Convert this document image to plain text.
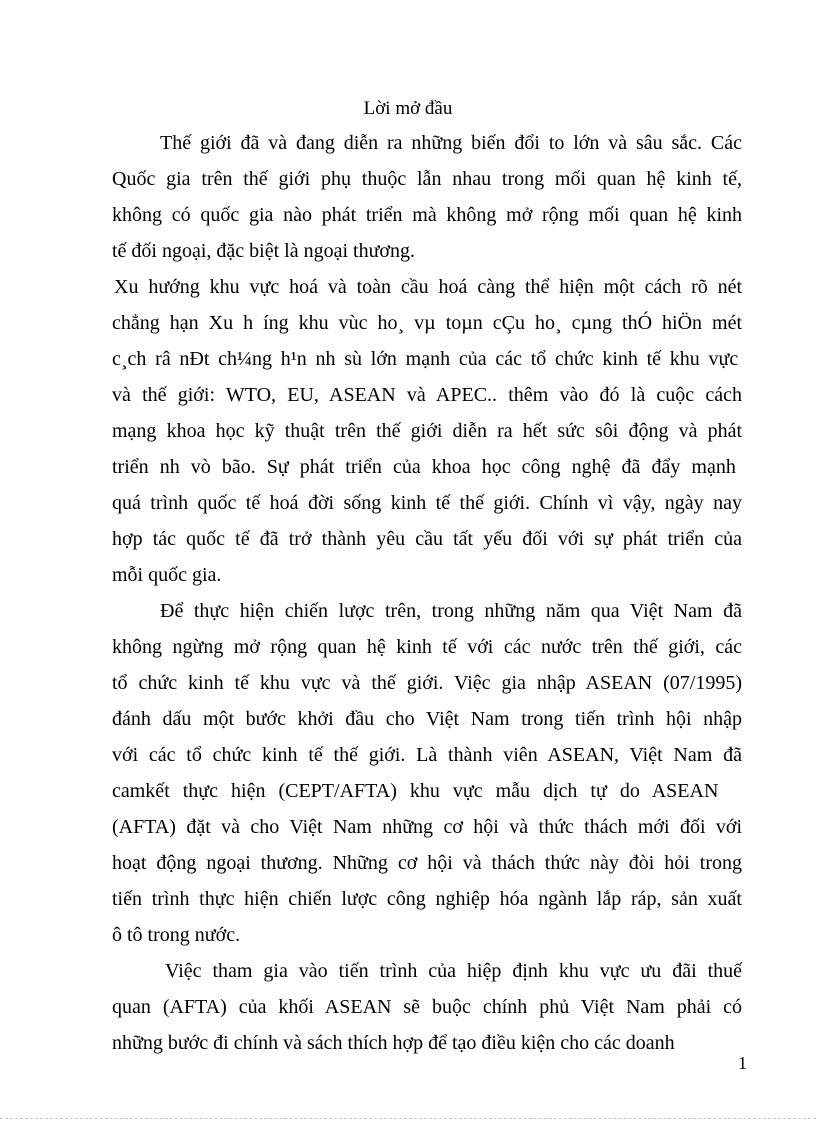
Lời mở đầu
Thế giới đã và đang diễn ra những biến đổi to lớn và sâu sắc. Các
Quốc gia trên thế giới phụ thuộc lẫn nhau trong mối quan hệ kinh tế,
không có quốc gia nào phát triển mà không mở rộng mối quan hệ kinh
tế đối ngoại, đặc biệt là ngoại thương.
Xu hướng khu vực hoá và toàn cầu hoá càng thể hiện một cách rõ nét
chẳng hạn Xu h íng khu vùc ho¸ vµ toµn cÇu ho¸ cµng thÓ hiÖn mét
c¸ch râ nÐt ch¼ng h¹n nh sù lớn mạnh của các tổ chức kinh tế khu vực
và thế giới: WTO, EU, ASEAN và APEC.. thêm vào đó là cuộc cách
mạng khoa học kỹ thuật trên thế giới diễn ra hết sức sôi động và phát
triển nh vò bão. Sự phát triển của khoa học công nghệ đã đẩy mạnh
quá trình quốc tế hoá đời sống kinh tế thế giới. Chính vì vậy, ngày nay
hợp tác quốc tế đã trở thành yêu cầu tất yếu đối với sự phát triển của
mỗi quốc gia.
Để thực hiện chiến lược trên, trong những năm qua Việt Nam đã
không ngừng mở rộng quan hệ kinh tế với các nước trên thế giới, các
tổ chức kinh tế khu vực và thế giới. Việc gia nhập ASEAN (07/1995)
đánh dấu một bước khởi đầu cho Việt Nam trong tiến trình hội nhập
với các tổ chức kinh tế thế giới. Là thành viên ASEAN, Việt Nam đã
camkết thực hiện (CEPT/AFTA) khu vực mẫu dịch tự do ASEAN
(AFTA) đặt và cho Việt Nam những cơ hội và thức thách mới đối với
hoạt động ngoại thương. Những cơ hội và thách thức này đòi hỏi trong
tiến trình thực hiện chiến lược công nghiệp hóa ngành lắp ráp, sản xuất
ô tô trong nước.
Việc tham gia vào tiến trình của hiệp định khu vực ưu đãi thuế
quan (AFTA) của khối ASEAN sẽ buộc chính phủ Việt Nam phải có
những bước đi chính và sách thích hợp để tạo điều kiện cho các doanh
1
